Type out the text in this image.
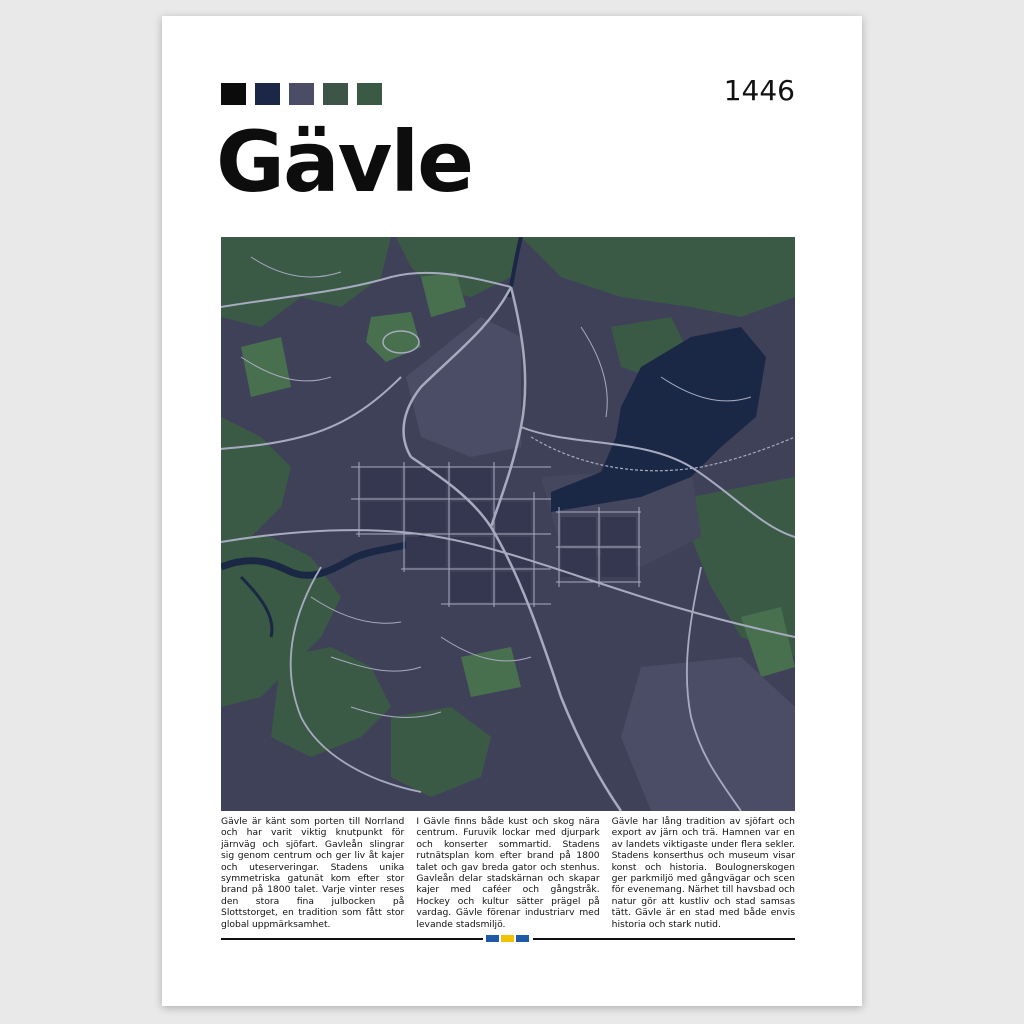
1446
Gävle

Gävle är känt som porten till Norrland och har varit viktig knutpunkt för järnväg och sjöfart. Gavleån slingrar sig genom centrum och ger liv åt kajer och uteserveringar. Stadens unika symmetriska gatunät kom efter stor brand på 1800 talet. Varje vinter reses den stora fina julbocken på Slottstorget, en tradition som fått stor global uppmärksamhet.

I Gävle finns både kust och skog nära centrum. Furuvik lockar med djurpark och konserter sommartid. Stadens rutnätsplan kom efter brand på 1800 talet och gav breda gator och stenhus. Gavleån delar stadskärnan och skapar kajer med caféer och gångstråk. Hockey och kultur sätter prägel på vardag. Gävle förenar industriarv med levande stadsmiljö.

Gävle har lång tradition av sjöfart och export av järn och trä. Hamnen var en av landets viktigaste under flera sekler. Stadens konserthus och museum visar konst och historia. Boulognerskogen ger parkmiljö med gångvägar och scen för evenemang. Närhet till havsbad och natur gör att kustliv och stad samsas tätt. Gävle är en stad med både envis historia och stark nutid.
